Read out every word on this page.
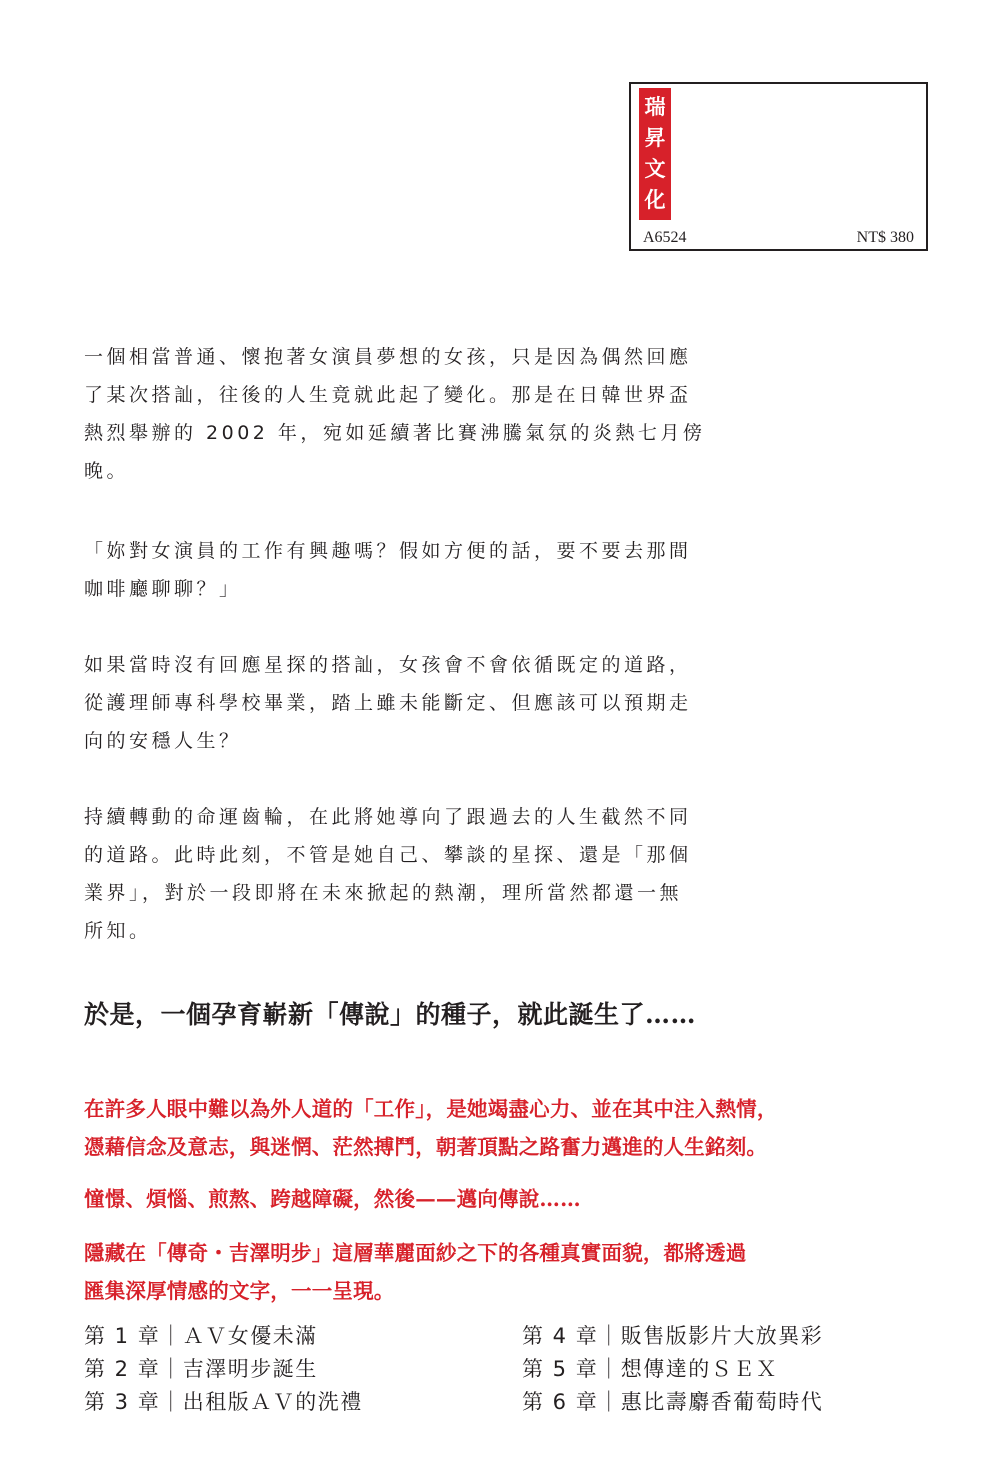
瑞
昇
文
化
A6524	NT$ 380

一個相當普通、懷抱著女演員夢想的女孩，只是因為偶然回應
了某次搭訕，往後的人生竟就此起了變化。那是在日韓世界盃
熱烈舉辦的 2002 年，宛如延續著比賽沸騰氣氛的炎熱七月傍
晚。

「妳對女演員的工作有興趣嗎？假如方便的話，要不要去那間
咖啡廳聊聊？」

如果當時沒有回應星探的搭訕，女孩會不會依循既定的道路，
從護理師專科學校畢業，踏上雖未能斷定、但應該可以預期走
向的安穩人生？

持續轉動的命運齒輪，在此將她導向了跟過去的人生截然不同
的道路。此時此刻，不管是她自己、攀談的星探、還是「那個
業界」，對於一段即將在未來掀起的熱潮，理所當然都還一無
所知。

於是，一個孕育嶄新「傳說」的種子，就此誕生了……

在許多人眼中難以為外人道的「工作」，是她竭盡心力、並在其中注入熱情，
憑藉信念及意志，與迷惘、茫然搏鬥，朝著頂點之路奮力邁進的人生銘刻。

憧憬、煩惱、煎熬、跨越障礙，然後——邁向傳說……

隱藏在「傳奇・吉澤明步」這層華麗面紗之下的各種真實面貌，都將透過
匯集深厚情感的文字，一一呈現。

第 1 章｜ＡＶ女優未滿
第 2 章｜吉澤明步誕生
第 3 章｜出租版ＡＶ的洗禮
第 4 章｜販售版影片大放異彩
第 5 章｜想傳達的ＳＥＸ
第 6 章｜惠比壽麝香葡萄時代
